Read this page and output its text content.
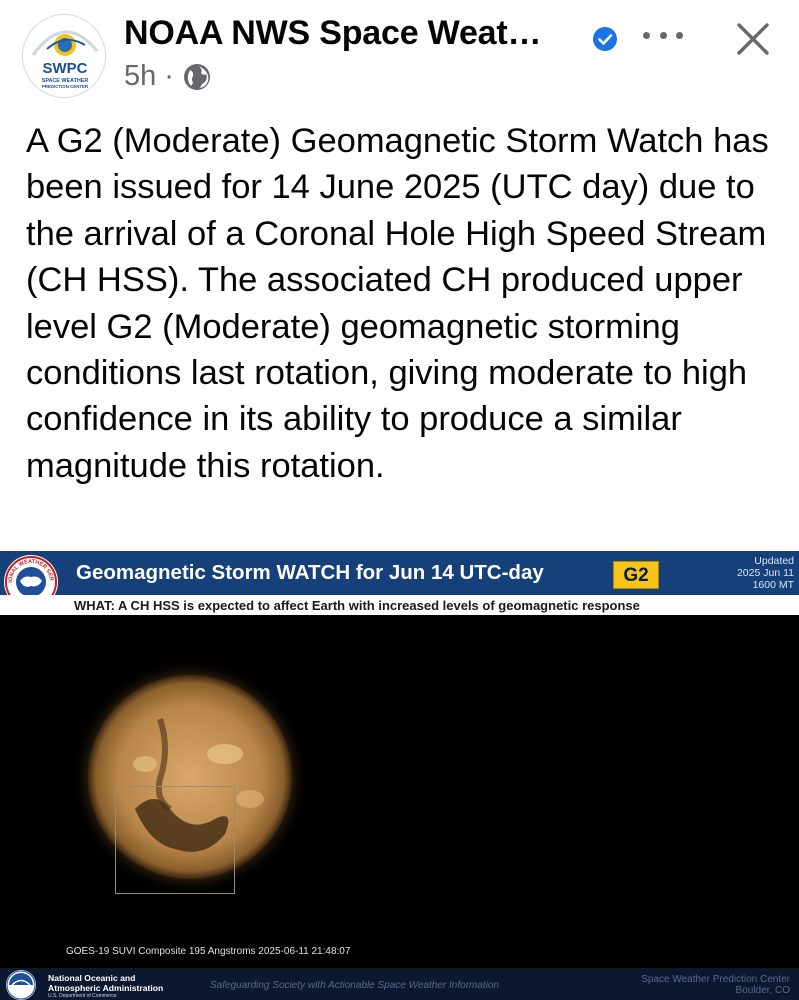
SWPC
SPACE WEATHER
PREDICTION CENTER
NOAA NWS Space Weat…
5h ·

A G2 (Moderate) Geomagnetic Storm Watch has been issued for 14 June 2025 (UTC day) due to the arrival of a Coronal Hole High Speed Stream (CH HSS). The associated CH produced upper level G2 (Moderate) geomagnetic storming conditions last rotation, giving moderate to high confidence in its ability to produce a similar magnitude this rotation.

IONAL WEATHER SER Geomagnetic Storm WATCH for Jun 14 UTC-day	G2
Updated
2025 Jun 11
1600 MT
WHAT: A CH HSS is expected to affect Earth with increased levels of geomagnetic response
GOES-19 SUVI Composite 195 Angstroms 2025-06-11 21:48:07
EVENT:
A Coronal Hole (CH) is a less dense area in the solar corona. They appear dark because they are cooler. Solar wind escapes from these features at higher speeds, known as High Speed Streams (HSS). When they arrive at Earth, escalated geomagnetic activity may result. Watches of this level are not uncommon.
TIMING:
Initial CH HSS influences are likely to begin on the Jun 14 UTC-day.
EFFECTS:
The aurora may become visible over some northern and upper Midwest states from New York to Idaho. Those wishing to see the aurora should visit our webpage for updates.
National Oceanic and
Atmospheric Administration
U.S. Department of Commerce
Safeguarding Society with Actionable Space Weather Information
Space Weather Prediction Center
Boulder, CO
